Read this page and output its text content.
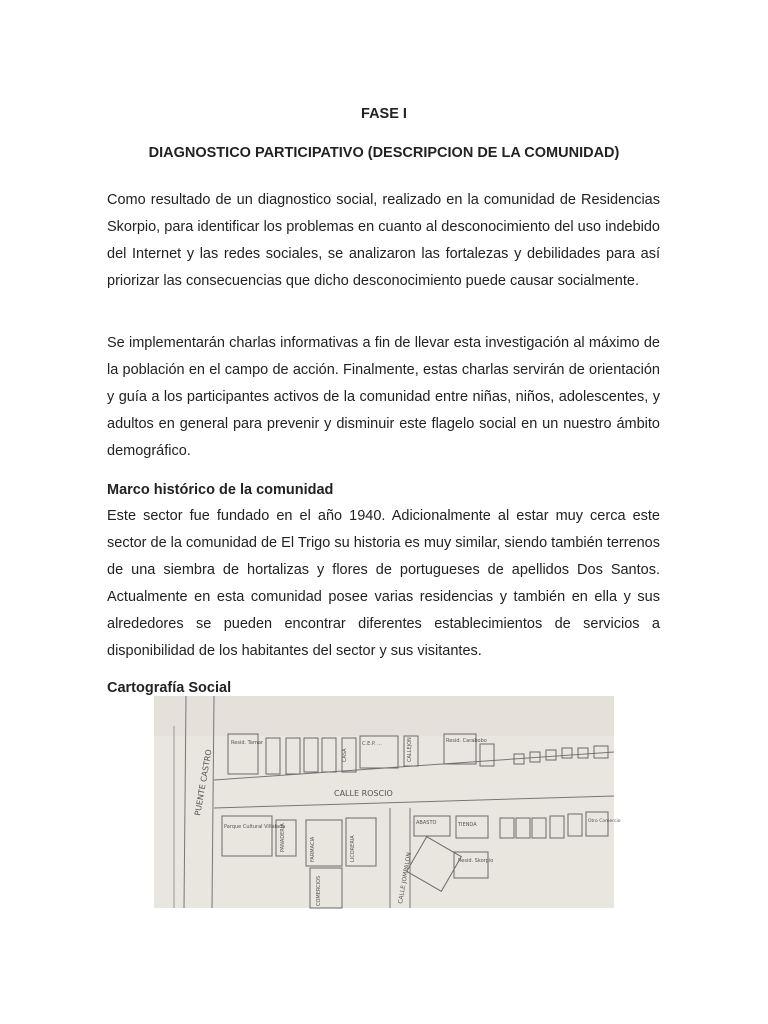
FASE I
DIAGNOSTICO PARTICIPATIVO (DESCRIPCION DE LA COMUNIDAD)

Como resultado de un diagnostico social, realizado en la comunidad de Residencias Skorpio, para identificar los problemas en cuanto al desconocimiento del uso indebido del Internet y las redes sociales, se analizaron las fortalezas y debilidades para así priorizar las consecuencias que dicho desconocimiento puede causar socialmente.

Se implementarán charlas informativas a fin de llevar esta investigación al máximo de la población en el campo de acción. Finalmente, estas charlas servirán de orientación y guía a los participantes activos de la comunidad entre niñas, niños, adolescentes, y adultos en general para prevenir y disminuir este flagelo social en un nuestro ámbito demográfico.

Marco histórico de la comunidad

Este sector fue fundado en el año 1940. Adicionalmente al estar muy cerca este sector de la comunidad de El Trigo su historia es muy similar, siendo también terrenos de una siembra de hortalizas y flores de portugueses de apellidos Dos Santos. Actualmente en esta comunidad posee varias residencias y también en ella y sus alrededores se pueden encontrar diferentes establecimientos de servicios a disponibilidad de los habitantes del sector y sus visitantes.

Cartografía Social
PUENTE CASTRO	CALLE ROSCIO
Resid. Tamar
CASA
C.E.P. ...	CALLEJON	Resid. Carabobo
Parque Cultural Villalada
PANADERIA	FARMACIA	LICORERIA
COMERCIOS	CALLE JOMPALON
ABASTO	TIENDA
Resid. Skorpio
Otro Comercio
